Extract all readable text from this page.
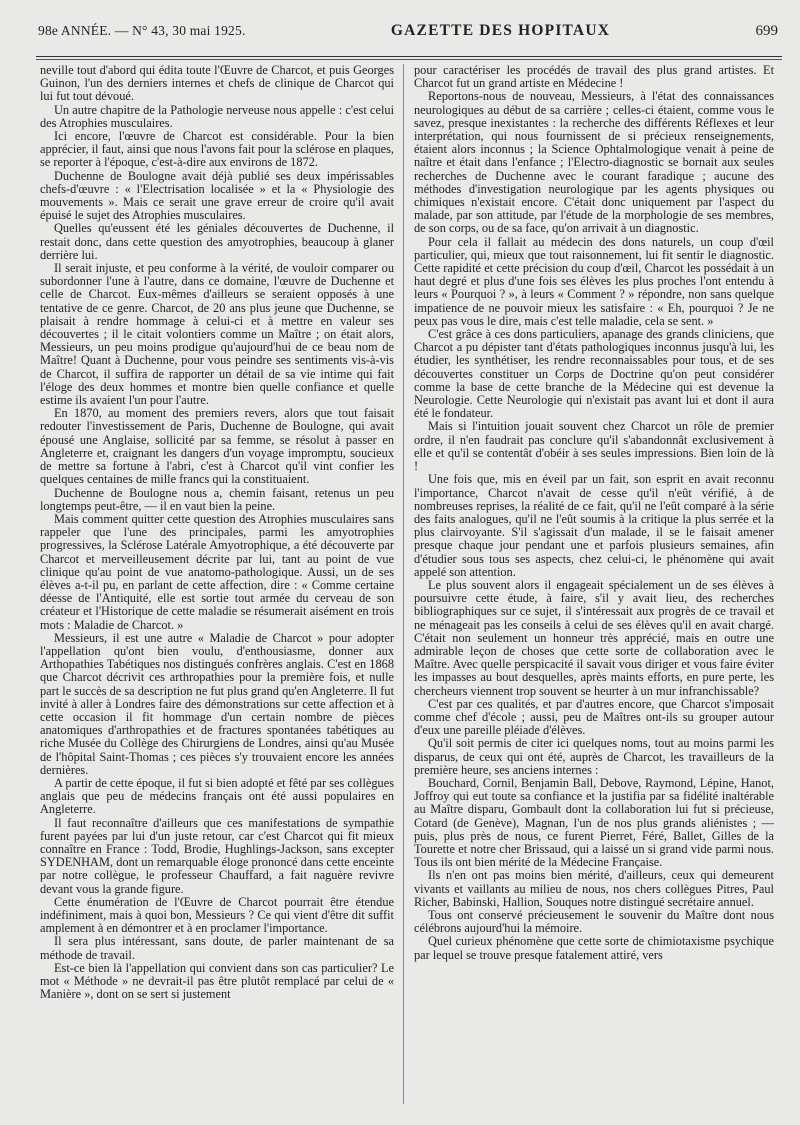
98e ANNÉE. — N° 43, 30 mai 1925.	GAZETTE DES HOPITAUX	699

neville tout d'abord qui édita toute l'Œuvre de Charcot, et puis Georges Guinon, l'un des derniers internes et chefs de clinique de Charcot qui lui fut tout dévoué.

Un autre chapitre de la Pathologie nerveuse nous appelle : c'est celui des Atrophies musculaires.

Ici encore, l'œuvre de Charcot est considérable. Pour la bien apprécier, il faut, ainsi que nous l'avons fait pour la sclérose en plaques, se reporter à l'époque, c'est-à-dire aux environs de 1872.

Duchenne de Boulogne avait déjà publié ses deux impérissables chefs-d'œuvre : « l'Electrisation localisée » et la « Physiologie des mouvements ». Mais ce serait une grave erreur de croire qu'il avait épuisé le sujet des Atrophies musculaires.

Quelles qu'eussent été les géniales découvertes de Duchenne, il restait donc, dans cette question des amyotrophies, beaucoup à glaner derrière lui.

Il serait injuste, et peu conforme à la vérité, de vouloir comparer ou subordonner l'une à l'autre, dans ce domaine, l'œuvre de Duchenne et celle de Charcot. Eux-mêmes d'ailleurs se seraient opposés à une tentative de ce genre. Charcot, de 20 ans plus jeune que Duchenne, se plaisait à rendre hommage à celui-ci et à mettre en valeur ses découvertes ; il le citait volontiers comme un Maître ; on était alors, Messieurs, un peu moins prodigue qu'aujourd'hui de ce beau nom de Maître! Quant à Duchenne, pour vous peindre ses sentiments vis-à-vis de Charcot, il suffira de rapporter un détail de sa vie intime qui fait l'éloge des deux hommes et montre bien quelle confiance et quelle estime ils avaient l'un pour l'autre.

En 1870, au moment des premiers revers, alors que tout faisait redouter l'investissement de Paris, Duchenne de Boulogne, qui avait épousé une Anglaise, sollicité par sa femme, se résolut à passer en Angleterre et, craignant les dangers d'un voyage impromptu, soucieux de mettre sa fortune à l'abri, c'est à Charcot qu'il vint confier les quelques centaines de mille francs qui la constituaient.

Duchenne de Boulogne nous a, chemin faisant, retenus un peu longtemps peut-être, — il en vaut bien la peine.

Mais comment quitter cette question des Atrophies musculaires sans rappeler que l'une des principales, parmi les amyotrophies progressives, la Sclérose Latérale Amyotrophique, a été découverte par Charcot et merveilleusement décrite par lui, tant au point de vue clinique qu'au point de vue anatomo-pathologique. Aussi, un de ses élèves a-t-il pu, en parlant de cette affection, dire : « Comme certaine déesse de l'Antiquité, elle est sortie tout armée du cerveau de son créateur et l'Historique de cette maladie se résumerait aisément en trois mots : Maladie de Charcot. »

Messieurs, il est une autre « Maladie de Charcot » pour adopter l'appellation qu'ont bien voulu, d'enthousiasme, donner aux Arthopathies Tabétiques nos distingués confrères anglais. C'est en 1868 que Charcot décrivit ces arthropathies pour la première fois, et nulle part le succès de sa description ne fut plus grand qu'en Angleterre. Il fut invité à aller à Londres faire des démonstrations sur cette affection et à cette occasion il fit hommage d'un certain nombre de pièces anatomiques d'arthropathies et de fractures spontanées tabétiques au riche Musée du Collège des Chirurgiens de Londres, ainsi qu'au Musée de l'hôpital Saint-Thomas ; ces pièces s'y trouvaient encore les années dernières.

A partir de cette époque, il fut si bien adopté et fêté par ses collègues anglais que peu de médecins français ont été aussi populaires en Angleterre.

Il faut reconnaître d'ailleurs que ces manifestations de sympathie furent payées par lui d'un juste retour, car c'est Charcot qui fit mieux connaître en France : Todd, Brodie, Hughlings-Jackson, sans excepter SYDENHAM, dont un remarquable éloge prononcé dans cette enceinte par notre collègue, le professeur Chauffard, a fait naguère revivre devant vous la grande figure.

Cette énumération de l'Œuvre de Charcot pourrait être étendue indéfiniment, mais à quoi bon, Messieurs ? Ce qui vient d'être dit suffit amplement à en démontrer et à en proclamer l'importance.

Il sera plus intéressant, sans doute, de parler maintenant de sa méthode de travail.

Est-ce bien là l'appellation qui convient dans son cas particulier? Le mot « Méthode » ne devrait-il pas être plutôt remplacé par celui de « Manière », dont on se sert si justement

pour caractériser les procédés de travail des plus grand artistes. Et Charcot fut un grand artiste en Médecine !

Reportons-nous de nouveau, Messieurs, à l'état des connaissances neurologiques au début de sa carrière ; celles-ci étaient, comme vous le savez, presque inexistantes : la recherche des différents Réflexes et leur interprétation, qui nous fournissent de si précieux renseignements, étaient alors inconnus ; la Science Ophtalmologique venait à peine de naître et était dans l'enfance ; l'Electro-diagnostic se bornait aux seules recherches de Duchenne avec le courant faradique ; aucune des méthodes d'investigation neurologique par les agents physiques ou chimiques n'existait encore. C'était donc uniquement par l'aspect du malade, par son attitude, par l'étude de la morphologie de ses membres, de son corps, ou de sa face, qu'on arrivait à un diagnostic.

Pour cela il fallait au médecin des dons naturels, un coup d'œil particulier, qui, mieux que tout raisonnement, lui fit sentir le diagnostic. Cette rapidité et cette précision du coup d'œil, Charcot les possédait à un haut degré et plus d'une fois ses élèves les plus proches l'ont entendu à leurs « Pourquoi ? », à leurs « Comment ? » répondre, non sans quelque impatience de ne pouvoir mieux les satisfaire : « Eh, pourquoi ? Je ne peux pas vous le dire, mais c'est telle maladie, cela se sent. »

C'est grâce à ces dons particuliers, apanage des grands cliniciens, que Charcot a pu dépister tant d'états pathologiques inconnus jusqu'à lui, les étudier, les synthétiser, les rendre reconnaissables pour tous, et de ses découvertes constituer un Corps de Doctrine qu'on peut considérer comme la base de cette branche de la Médecine qui est devenue la Neurologie. Cette Neurologie qui n'existait pas avant lui et dont il aura été le fondateur.

Mais si l'intuition jouait souvent chez Charcot un rôle de premier ordre, il n'en faudrait pas conclure qu'il s'abandonnât exclusivement à elle et qu'il se contentât d'obéir à ses seules impressions. Bien loin de là !

Une fois que, mis en éveil par un fait, son esprit en avait reconnu l'importance, Charcot n'avait de cesse qu'il n'eût vérifié, à de nombreuses reprises, la réalité de ce fait, qu'il ne l'eût comparé à la série des faits analogues, qu'il ne l'eût soumis à la critique la plus serrée et la plus clairvoyante. S'il s'agissait d'un malade, il se le faisait amener presque chaque jour pendant une et parfois plusieurs semaines, afin d'étudier sous tous ses aspects, chez celui-ci, le phénomène qui avait appelé son attention.

Le plus souvent alors il engageait spécialement un de ses élèves à poursuivre cette étude, à faire, s'il y avait lieu, des recherches bibliographiques sur ce sujet, il s'intéressait aux progrès de ce travail et ne ménageait pas les conseils à celui de ses élèves qu'il en avait chargé. C'était non seulement un honneur très apprécié, mais en outre une admirable leçon de choses que cette sorte de collaboration avec le Maître. Avec quelle perspicacité il savait vous diriger et vous faire éviter les impasses au bout desquelles, après maints efforts, en pure perte, les chercheurs viennent trop souvent se heurter à un mur infranchissable?

C'est par ces qualités, et par d'autres encore, que Charcot s'imposait comme chef d'école ; aussi, peu de Maîtres ont-ils su grouper autour d'eux une pareille pléiade d'élèves.

Qu'il soit permis de citer ici quelques noms, tout au moins parmi les disparus, de ceux qui ont été, auprès de Charcot, les travailleurs de la première heure, ses anciens internes :

Bouchard, Cornil, Benjamin Ball, Debove, Raymond, Lépine, Hanot, Joffroy qui eut toute sa confiance et la justifia par sa fidélité inaltérable au Maître disparu, Gombault dont la collaboration lui fut si précieuse, Cotard (de Genève), Magnan, l'un de nos plus grands aliénistes ; — puis, plus près de nous, ce furent Pierret, Féré, Ballet, Gilles de la Tourette et notre cher Brissaud, qui a laissé un si grand vide parmi nous. Tous ils ont bien mérité de la Médecine Française.

Ils n'en ont pas moins bien mérité, d'ailleurs, ceux qui demeurent vivants et vaillants au milieu de nous, nos chers collègues Pitres, Paul Richer, Babinski, Hallion, Souques notre distingué secrétaire annuel.

Tous ont conservé précieusement le souvenir du Maître dont nous célébrons aujourd'hui la mémoire.

Quel curieux phénomène que cette sorte de chimiotaxisme psychique par lequel se trouve presque fatalement attiré, vers
